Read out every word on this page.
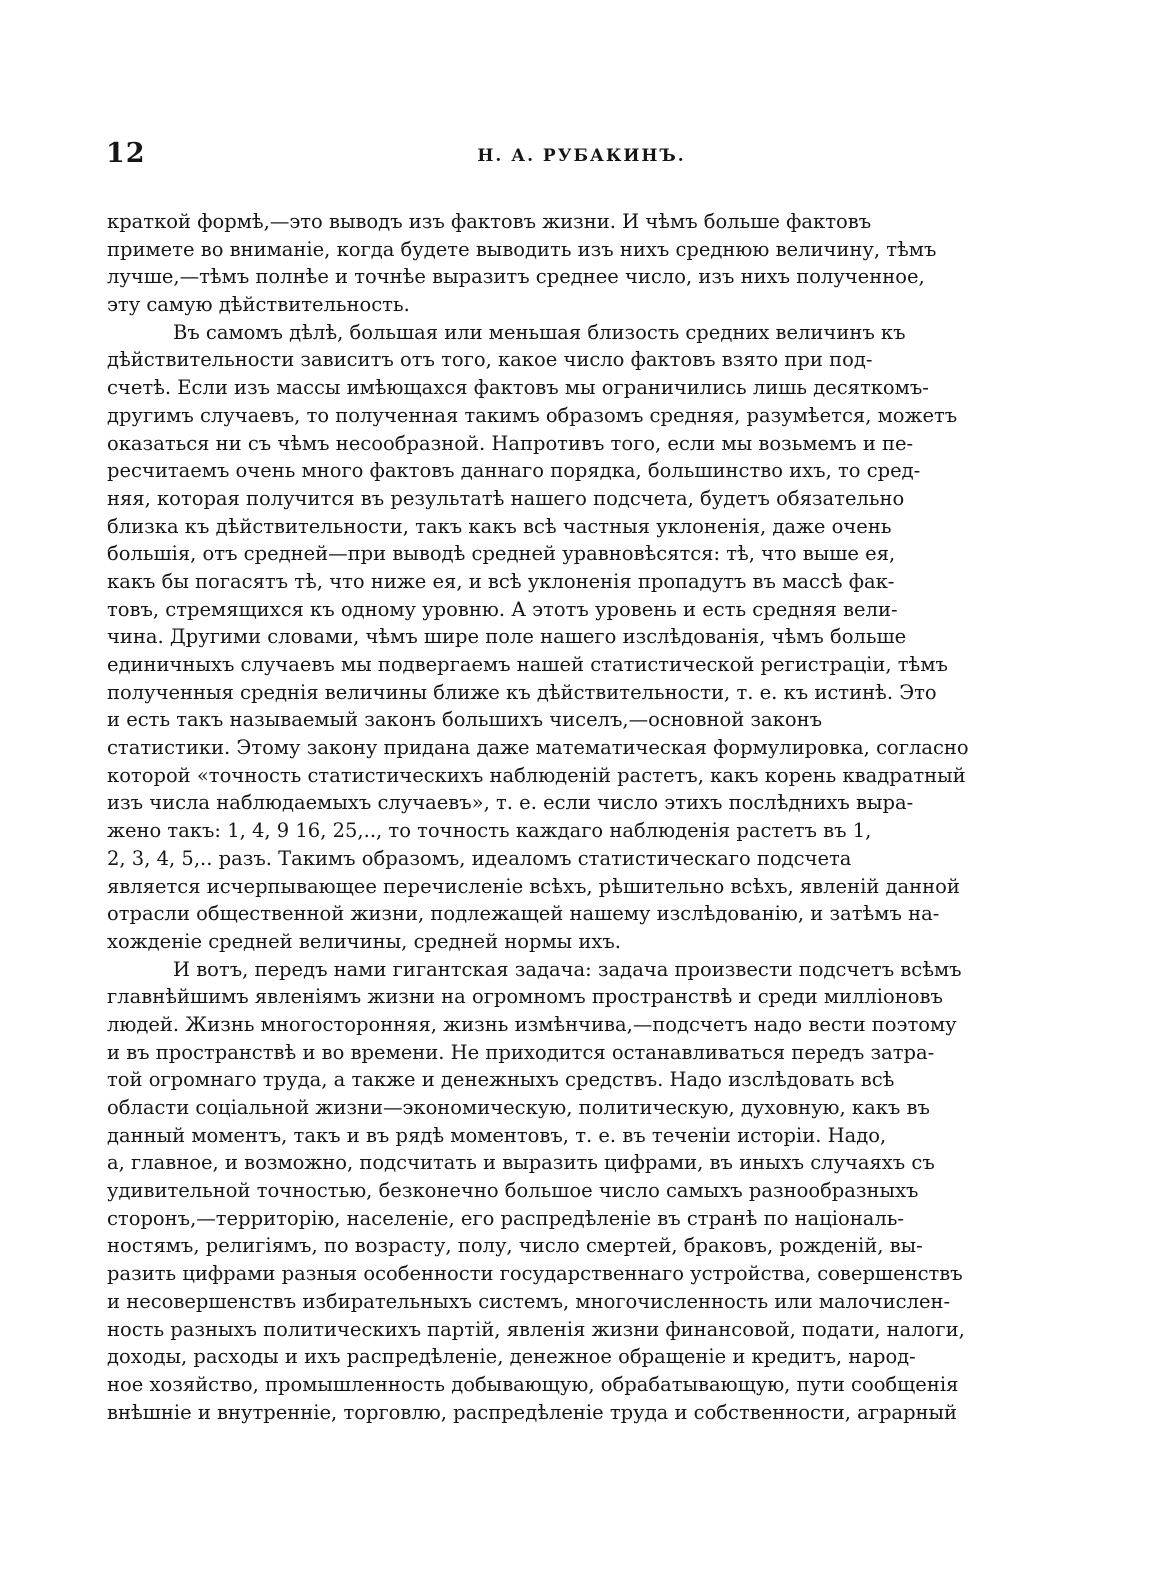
12	Н. А. РУБАКИНЪ.
краткой формѣ,—это выводъ изъ фактовъ жизни. И чѣмъ больше фактовъ
примете во вниманіе, когда будете выводить изъ нихъ среднюю величину, тѣмъ
лучше,—тѣмъ полнѣе и точнѣе выразитъ среднее число, изъ нихъ полученное,
эту самую дѣйствительность.
Въ самомъ дѣлѣ, большая или меньшая близость средних величинъ къ
дѣйствительности зависитъ отъ того, какое число фактовъ взято при под-
счетѣ. Если изъ массы имѣющахся фактовъ мы ограничились лишь десяткомъ-
другимъ случаевъ, то полученная такимъ образомъ средняя, разумѣется, можетъ
оказаться ни съ чѣмъ несообразной. Напротивъ того, если мы возьмемъ и пе-
ресчитаемъ очень много фактовъ даннаго порядка, большинство ихъ, то сред-
няя, которая получится въ результатѣ нашего подсчета, будетъ обязательно
близка къ дѣйствительности, такъ какъ всѣ частныя уклоненія, даже очень
большія, отъ средней—при выводѣ средней уравновѣсятся: тѣ, что выше ея,
какъ бы погасятъ тѣ, что ниже ея, и всѣ уклоненія пропадутъ въ массѣ фак-
товъ, стремящихся къ одному уровню. А этотъ уровень и есть средняя вели-
чина. Другими словами, чѣмъ шире поле нашего изслѣдованія, чѣмъ больше
единичныхъ случаевъ мы подвергаемъ нашей статистической регистраціи, тѣмъ
полученныя среднія величины ближе къ дѣйствительности, т. е. къ истинѣ. Это
и есть такъ называемый законъ большихъ чиселъ,—основной законъ
статистики. Этому закону придана даже математическая формулировка, согласно
которой «точность статистическихъ наблюденій растетъ, какъ корень квадратный
изъ числа наблюдаемыхъ случаевъ», т. е. если число этихъ послѣднихъ выра-
жено такъ: 1, 4, 9 16, 25,.., то точность каждаго наблюденія растетъ въ 1,
2, 3, 4, 5,.. разъ. Такимъ образомъ, идеаломъ статистическаго подсчета
является исчерпывающее перечисленіе всѣхъ, рѣшительно всѣхъ, явленій данной
отрасли общественной жизни, подлежащей нашему изслѣдованію, и затѣмъ на-
хожденіе средней величины, средней нормы ихъ.
И вотъ, передъ нами гигантская задача: задача произвести подсчетъ всѣмъ
главнѣйшимъ явленіямъ жизни на огромномъ пространствѣ и среди милліоновъ
людей. Жизнь многосторонняя, жизнь измѣнчива,—подсчетъ надо вести поэтому
и въ пространствѣ и во времени. Не приходится останавливаться передъ затра-
той огромнаго труда, а также и денежныхъ средствъ. Надо изслѣдовать всѣ
области соціальной жизни—экономическую, политическую, духовную, какъ въ
данный моментъ, такъ и въ рядѣ моментовъ, т. е. въ теченіи исторіи. Надо,
а, главное, и возможно, подсчитать и выразить цифрами, въ иныхъ случаяхъ съ
удивительной точностью, безконечно большое число самыхъ разнообразныхъ
сторонъ,—территорію, населеніе, его распредѣленіе въ странѣ по національ-
ностямъ, религіямъ, по возрасту, полу, число смертей, браковъ, рожденій, вы-
разить цифрами разныя особенности государственнаго устройства, совершенствъ
и несовершенствъ избирательныхъ системъ, многочисленность или малочислен-
ность разныхъ политическихъ партій, явленія жизни финансовой, подати, налоги,
доходы, расходы и ихъ распредѣленіе, денежное обращеніе и кредитъ, народ-
ное хозяйство, промышленность добывающую, обрабатывающую, пути сообщенія
внѣшніе и внутренніе, торговлю, распредѣленіе труда и собственности, аграрный
